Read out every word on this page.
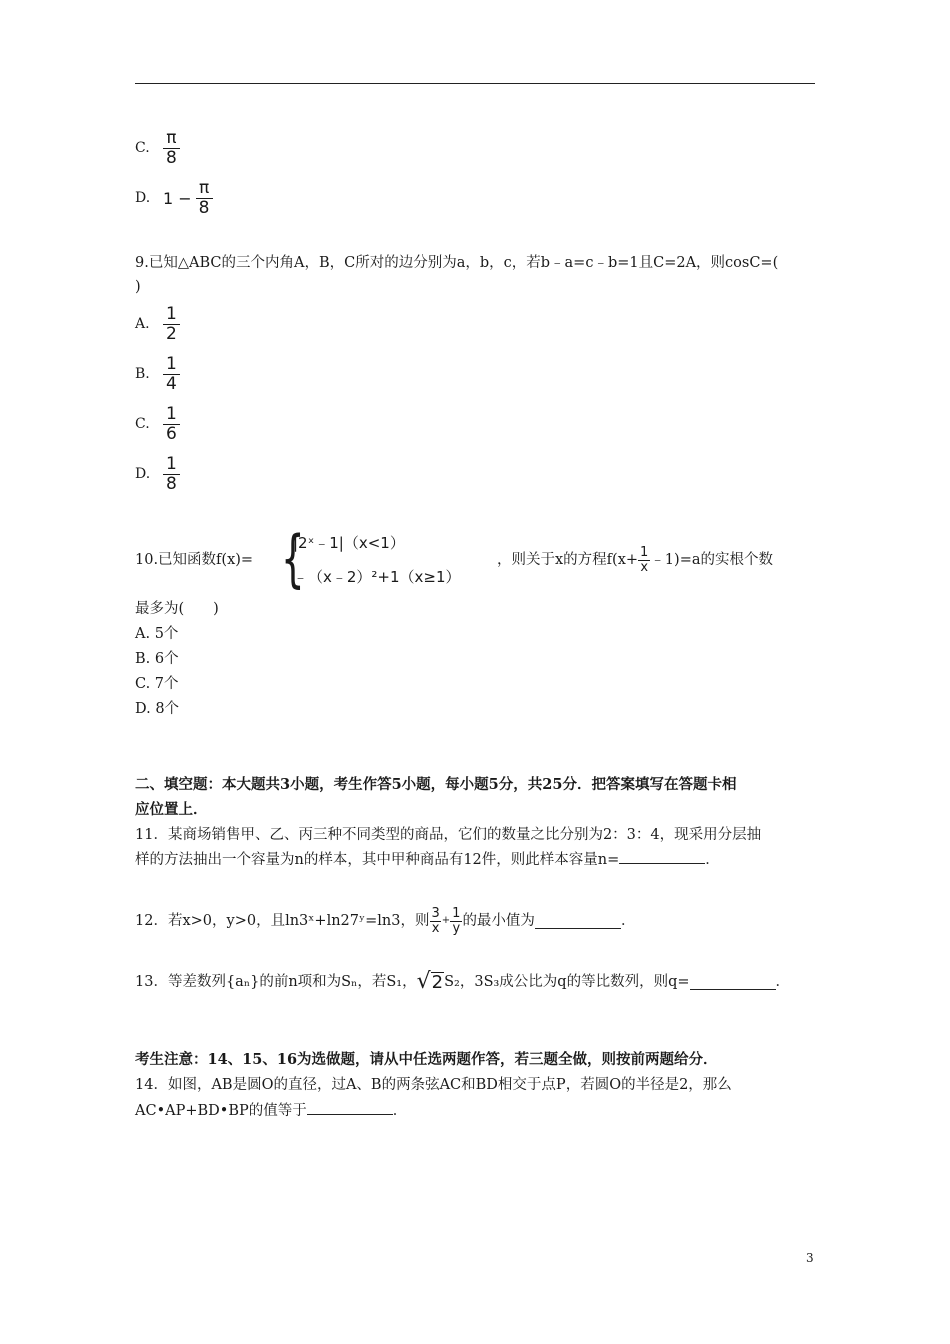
C. $\frac{\pi}{8}$
D. $1 - \frac{\pi}{8}$
9.已知△ABC的三个内角A，B，C所对的边分别为a，b，c，若b﹣a=c﹣b=1且C=2A，则cosC=(
)
A. $\frac{1}{2}$
B. $\frac{1}{4}$
C. $\frac{1}{6}$
D. $\frac{1}{8}$
10.已知函数f(x)= {
|2ˣ﹣1|（x<1）
﹣（x﹣2）²+1（x≥1）
，则关于x的方程$f(x+ \frac{1}{x}$ ﹣1)=a的实根个数
最多为(　　)
A. 5个
B. 6个
C. 7个
D. 8个
二、填空题：本大题共3小题，考生作答5小题，每小题5分，共25分．把答案填写在答题卡相
应位置上．
11．某商场销售甲、乙、丙三种不同类型的商品，它们的数量之比分别为2：3：4，现采用分层抽
样的方法抽出一个容量为n的样本，其中甲种商品有12件，则此样本容量n=	．
12．若x>0，y>0，且ln3ˣ+ln27ʸ=ln3，则 $\frac{3}{x} + \frac{1}{y}$ 的最小值为	．
13．等差数列{aₙ}的前n项和为Sₙ，若S₁， √ 2 S₂，3S₃成公比为q的等比数列，则q=	．
考生注意：14、15、16为选做题，请从中任选两题作答，若三题全做，则按前两题给分．
14．如图，AB是圆O的直径，过A、B的两条弦AC和BD相交于点P，若圆O的半径是2，那么
AC•AP+BD•BP的值等于	．
3
